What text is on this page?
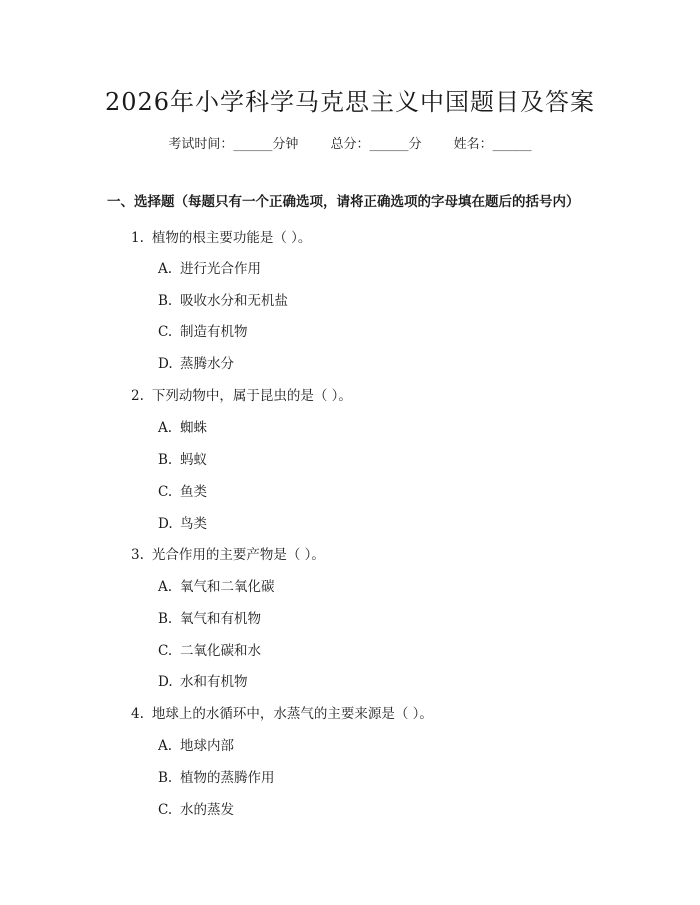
2026年小学科学马克思主义中国题目及答案
考试时间：______分钟 总分：______分 姓名：______
一、选择题（每题只有一个正确选项，请将正确选项的字母填在题后的括号内）
1. 植物的根主要功能是（ ）。
A. 进行光合作用
B. 吸收水分和无机盐
C. 制造有机物
D. 蒸腾水分
2. 下列动物中，属于昆虫的是（ ）。
A. 蜘蛛
B. 蚂蚁
C. 鱼类
D. 鸟类
3. 光合作用的主要产物是（ ）。
A. 氧气和二氧化碳
B. 氧气和有机物
C. 二氧化碳和水
D. 水和有机物
4. 地球上的水循环中，水蒸气的主要来源是（ ）。
A. 地球内部
B. 植物的蒸腾作用
C. 水的蒸发
